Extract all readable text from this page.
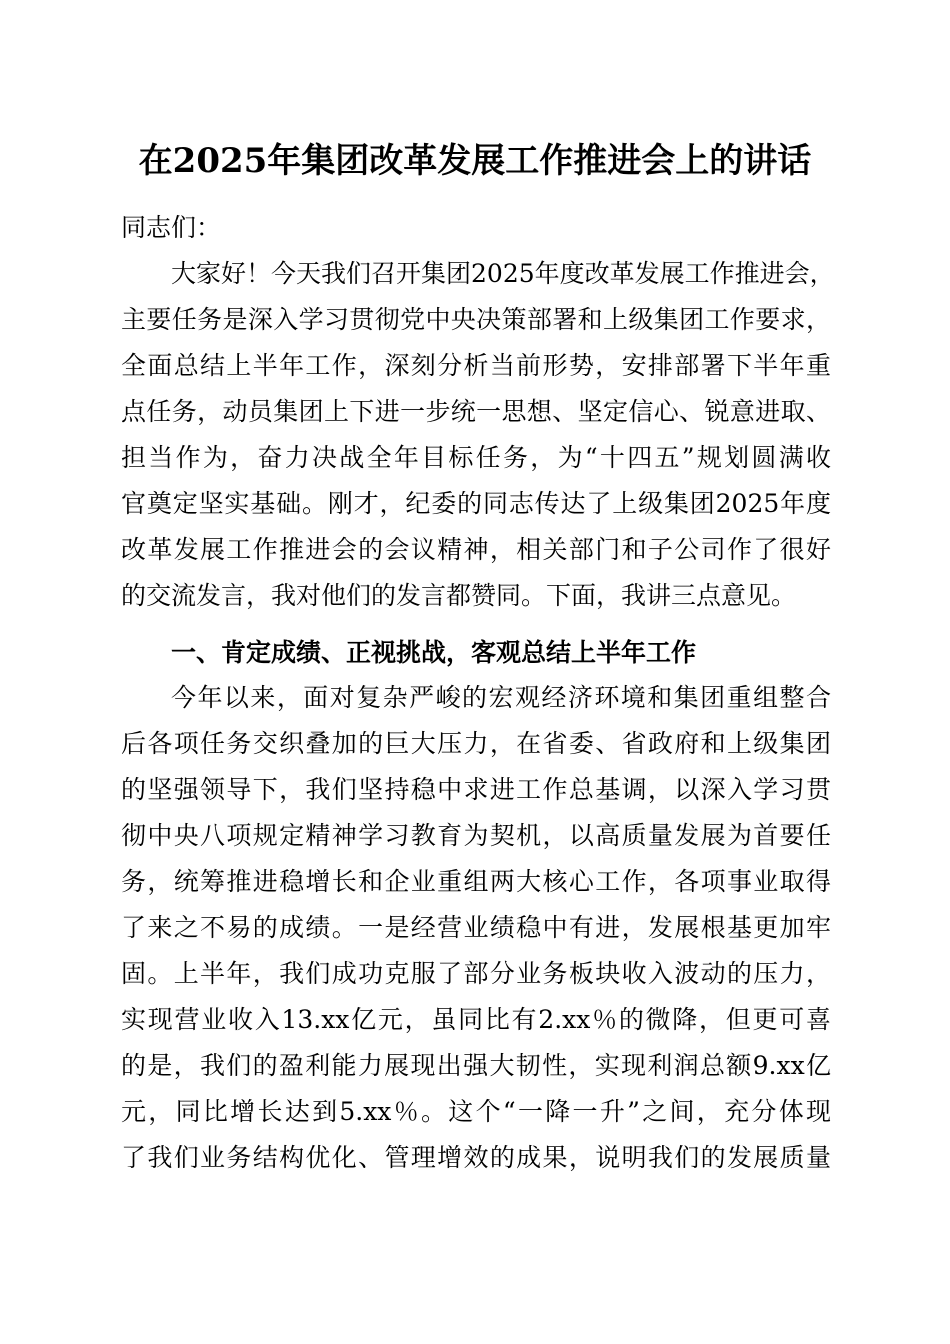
在2025年集团改革发展工作推进会上的讲话
同志们：
大家好！今天我们召开集团2025年度改革发展工作推进会，
主要任务是深入学习贯彻党中央决策部署和上级集团工作要求，
全面总结上半年工作，深刻分析当前形势，安排部署下半年重
点任务，动员集团上下进一步统一思想、坚定信心、锐意进取、
担当作为，奋力决战全年目标任务，为“十四五”规划圆满收
官奠定坚实基础。刚才，纪委的同志传达了上级集团2025年度
改革发展工作推进会的会议精神，相关部门和子公司作了很好
的交流发言，我对他们的发言都赞同。下面，我讲三点意见。
一、肯定成绩、正视挑战，客观总结上半年工作
今年以来，面对复杂严峻的宏观经济环境和集团重组整合
后各项任务交织叠加的巨大压力，在省委、省政府和上级集团
的坚强领导下，我们坚持稳中求进工作总基调，以深入学习贯
彻中央八项规定精神学习教育为契机，以高质量发展为首要任
务，统筹推进稳增长和企业重组两大核心工作，各项事业取得
了来之不易的成绩。一是经营业绩稳中有进，发展根基更加牢
固。上半年，我们成功克服了部分业务板块收入波动的压力，
实现营业收入13.xx亿元，虽同比有2.xx％的微降，但更可喜
的是，我们的盈利能力展现出强大韧性，实现利润总额9.xx亿
元，同比增长达到5.xx％。这个“一降一升”之间，充分体现
了我们业务结构优化、管理增效的成果，说明我们的发展质量
